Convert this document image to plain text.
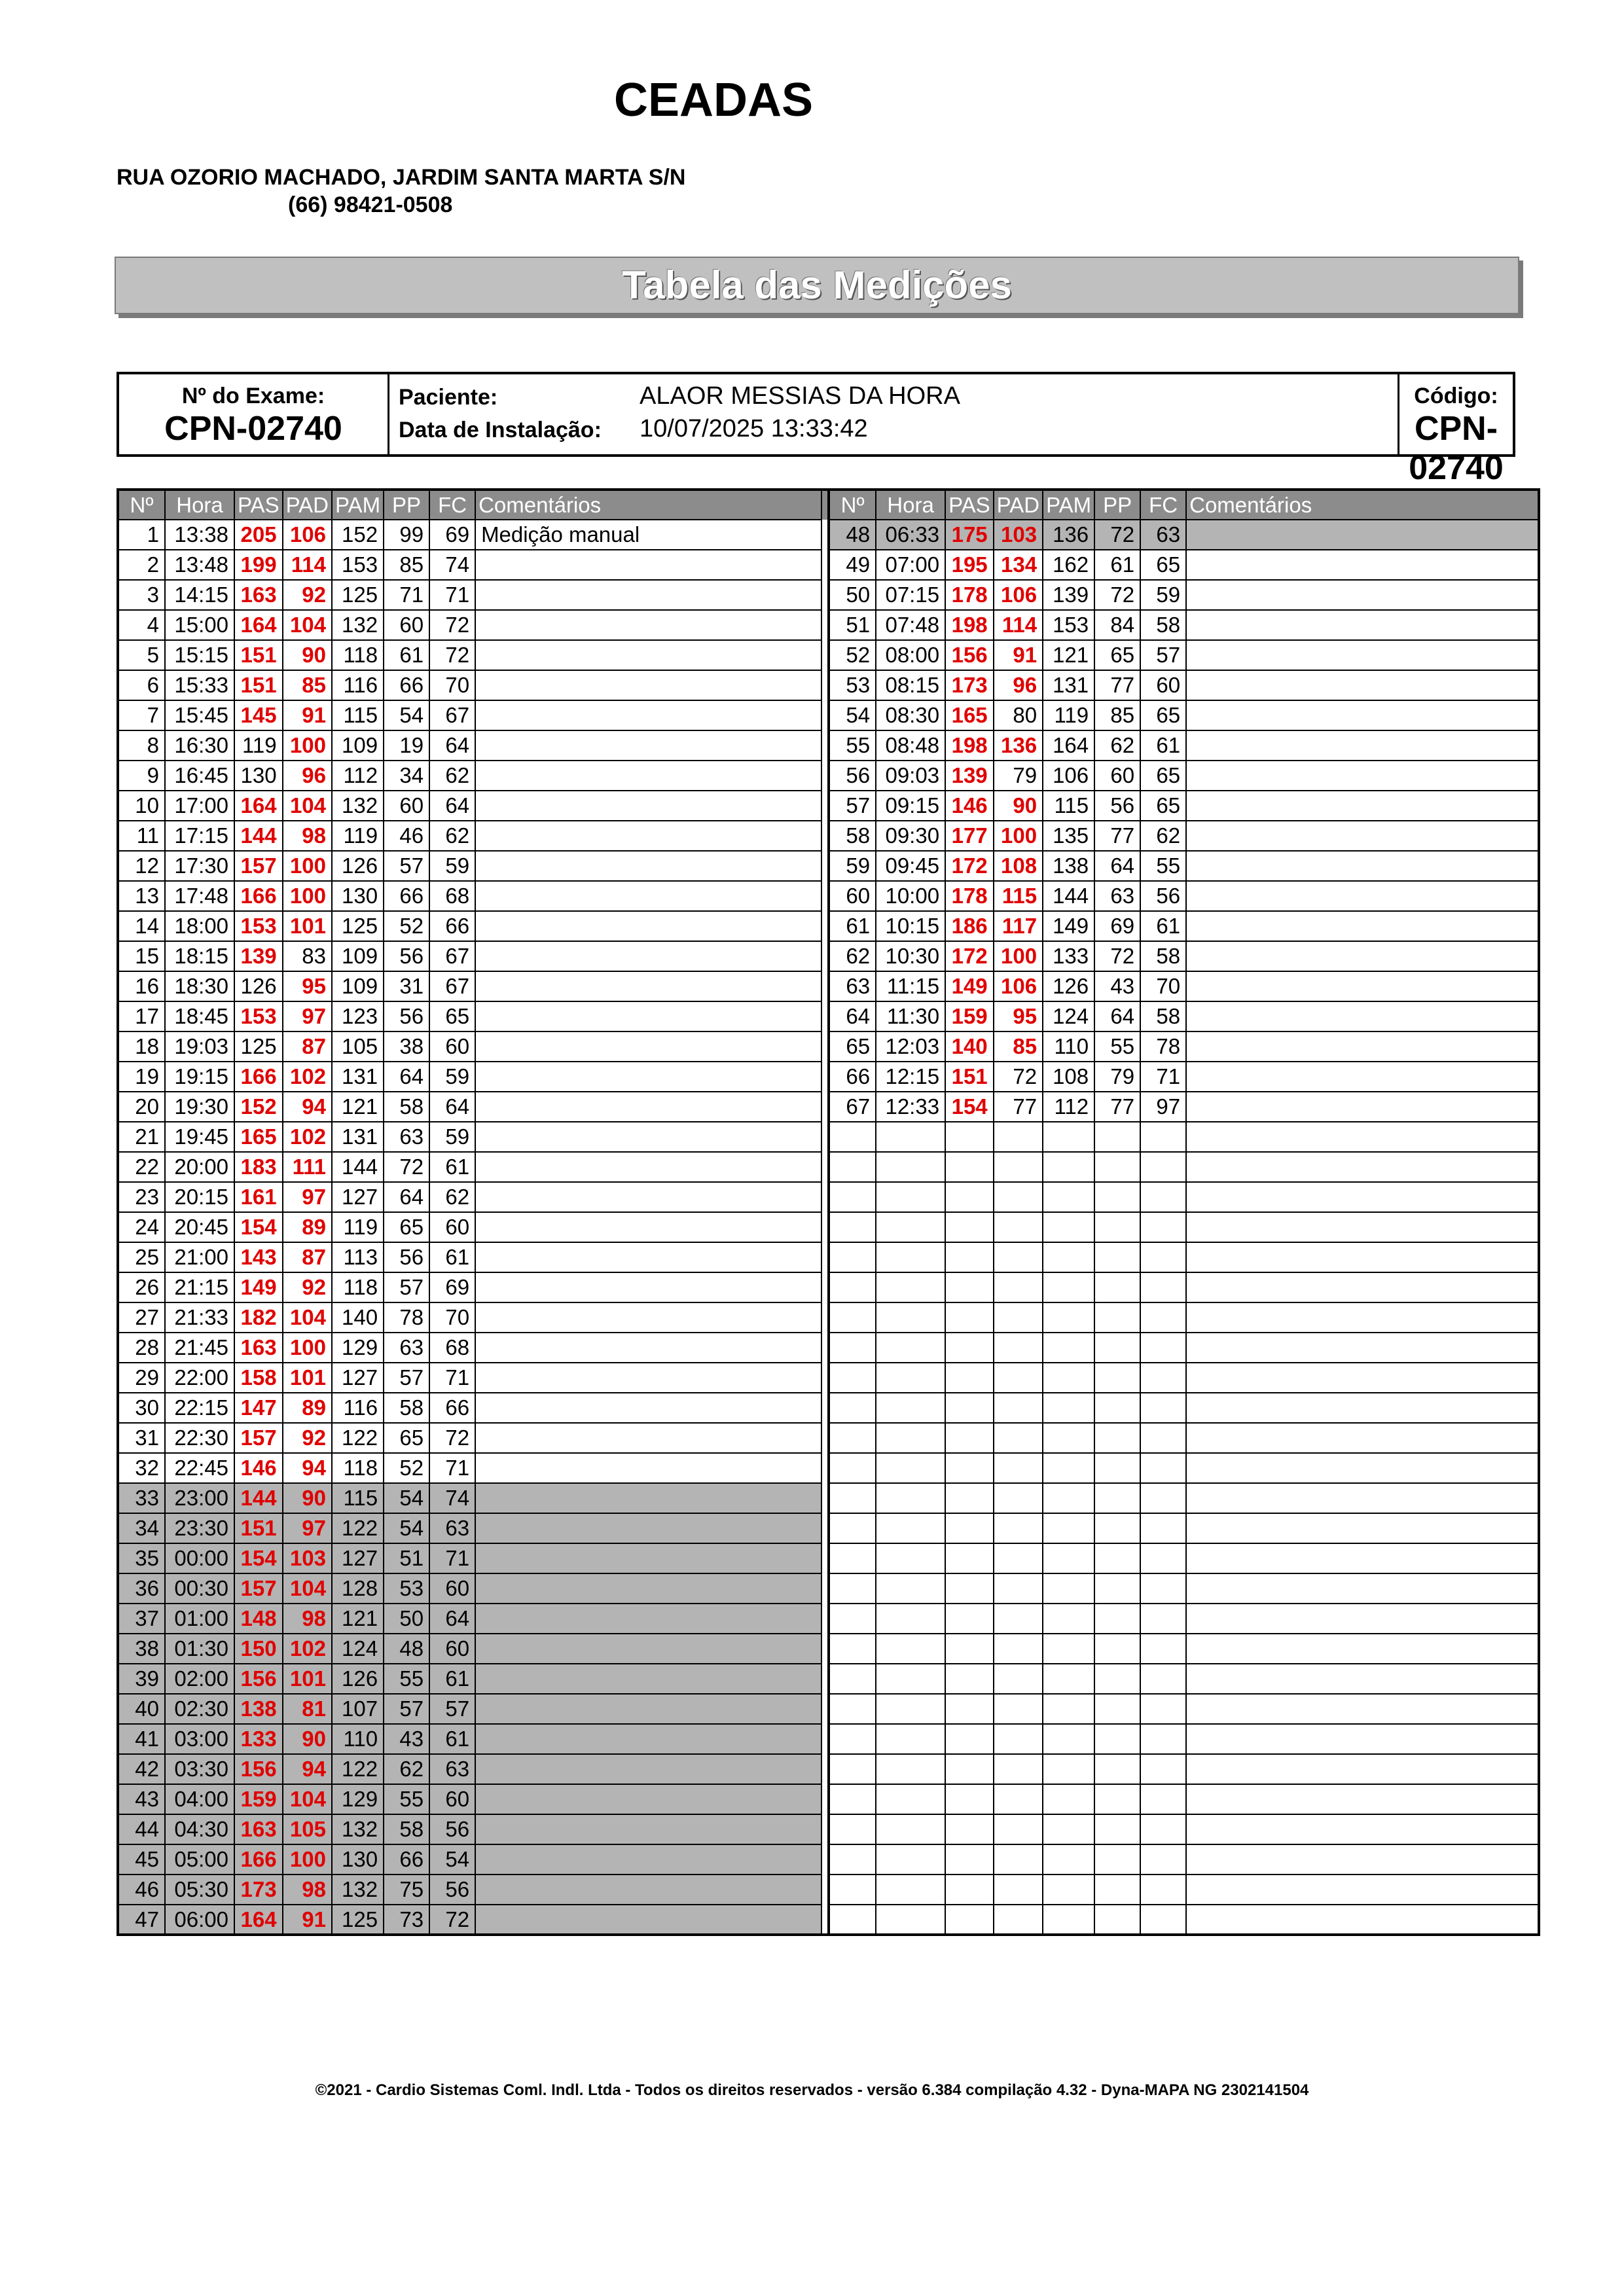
CEADAS
RUA OZORIO MACHADO, JARDIM SANTA MARTA S/N
(66) 98421-0508
Tabela das Medições
Nº do Exame:
CPN-02740
Paciente:	ALAOR MESSIAS DA HORA
Data de Instalação: 10/07/2025 13:33:42
Código:
CPN-02740
Nº	Hora	PAS	PAD	PAM	PP	FC	Comentários		Nº	Hora	PAS	PAD	PAM	PP	FC	Comentários
1	13:38	205	106	152	99	69	Medição manual		48	06:33	175	103	136	72	63	
2	13:48	199	114	153	85	74			49	07:00	195	134	162	61	65	
3	14:15	163	92	125	71	71			50	07:15	178	106	139	72	59	
4	15:00	164	104	132	60	72			51	07:48	198	114	153	84	58	
5	15:15	151	90	118	61	72			52	08:00	156	91	121	65	57	
6	15:33	151	85	116	66	70			53	08:15	173	96	131	77	60	
7	15:45	145	91	115	54	67			54	08:30	165	80	119	85	65	
8	16:30	119	100	109	19	64			55	08:48	198	136	164	62	61	
9	16:45	130	96	112	34	62			56	09:03	139	79	106	60	65	
10	17:00	164	104	132	60	64			57	09:15	146	90	115	56	65	
11	17:15	144	98	119	46	62			58	09:30	177	100	135	77	62	
12	17:30	157	100	126	57	59			59	09:45	172	108	138	64	55	
13	17:48	166	100	130	66	68			60	10:00	178	115	144	63	56	
14	18:00	153	101	125	52	66			61	10:15	186	117	149	69	61	
15	18:15	139	83	109	56	67			62	10:30	172	100	133	72	58	
16	18:30	126	95	109	31	67			63	11:15	149	106	126	43	70	
17	18:45	153	97	123	56	65			64	11:30	159	95	124	64	58	
18	19:03	125	87	105	38	60			65	12:03	140	85	110	55	78	
19	19:15	166	102	131	64	59			66	12:15	151	72	108	79	71	
20	19:30	152	94	121	58	64			67	12:33	154	77	112	77	97	
21	19:45	165	102	131	63	59										
22	20:00	183	111	144	72	61										
23	20:15	161	97	127	64	62										
24	20:45	154	89	119	65	60										
25	21:00	143	87	113	56	61										
26	21:15	149	92	118	57	69										
27	21:33	182	104	140	78	70										
28	21:45	163	100	129	63	68										
29	22:00	158	101	127	57	71										
30	22:15	147	89	116	58	66										
31	22:30	157	92	122	65	72										
32	22:45	146	94	118	52	71										
33	23:00	144	90	115	54	74										
34	23:30	151	97	122	54	63										
35	00:00	154	103	127	51	71										
36	00:30	157	104	128	53	60										
37	01:00	148	98	121	50	64										
38	01:30	150	102	124	48	60										
39	02:00	156	101	126	55	61										
40	02:30	138	81	107	57	57										
41	03:00	133	90	110	43	61										
42	03:30	156	94	122	62	63										
43	04:00	159	104	129	55	60										
44	04:30	163	105	132	58	56										
45	05:00	166	100	130	66	54										
46	05:30	173	98	132	75	56										
47	06:00	164	91	125	73	72										
©2021 - Cardio Sistemas Coml. Indl. Ltda - Todos os direitos reservados - versão 6.384 compilação 4.32 - Dyna-MAPA NG 2302141504
